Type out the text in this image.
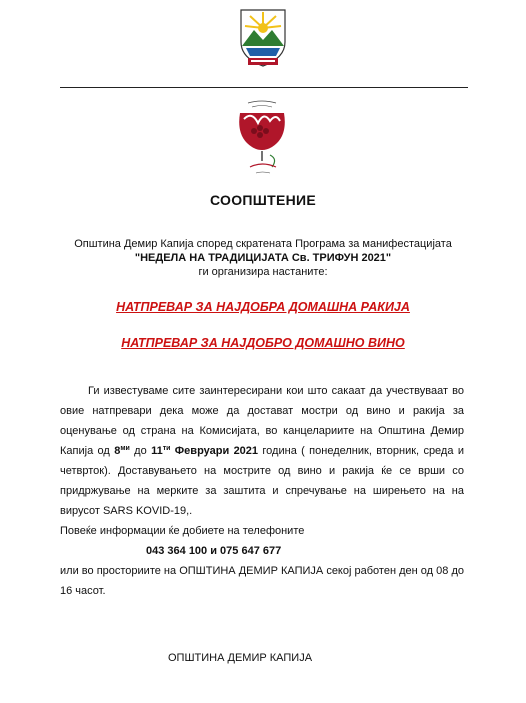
СООПШТЕНИЕ
Општина Демир Капија според скратената Програма за манифестацијата
"НЕДЕЛА НА ТРАДИЦИЈАТА Св. ТРИФУН 2021"
ги организира настаните:
НАТПРЕВАР ЗА НАЈДОБРА ДОМАШНА РАКИЈА
НАТПРЕВАР ЗА НАЈДОБРО ДОМАШНО ВИНО

Ги известуваме сите заинтересирани кои што сакаат да учествуваат во овие натпревари дека може да достават мостри од вино и ракија за оценување од страна на Комисијата, во канцелариите на Општина Демир Капија од $8^{ми}$ до $11^{ти}$ Февруари 2021 година ( понеделник, вторник, среда и четврток). Доставувањето на мострите од вино и ракија ќе се врши со придржување на мерките за заштита и спречување на ширењето на на вирусот SARS KOVID-19,.

Повеќе информации ќе добиете на телефоните

043 364 100 и 075 647 677

или во просториите на ОПШТИНА ДЕМИР КАПИЈА секој работен ден од 08 до 16 часот.

ОПШТИНА ДЕМИР КАПИЈА
